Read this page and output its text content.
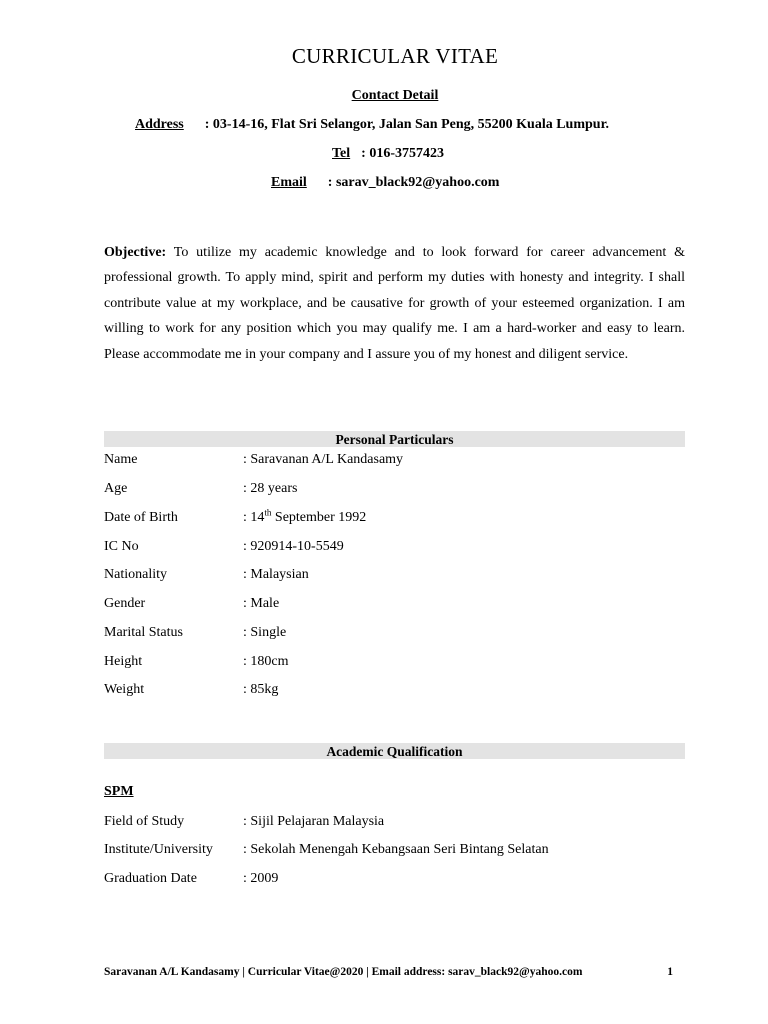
CURRICULAR VITAE
Contact Detail
Address : 03-14-16, Flat Sri Selangor, Jalan San Peng, 55200 Kuala Lumpur.
Tel : 016-3757423
Email : sarav_black92@yahoo.com
Objective: To utilize my academic knowledge and to look forward for career advancement & professional growth. To apply mind, spirit and perform my duties with honesty and integrity. I shall contribute value at my workplace, and be causative for growth of your esteemed organization. I am willing to work for any position which you may qualify me. I am a hard-worker and easy to learn. Please accommodate me in your company and I assure you of my honest and diligent service.
Personal Particulars
Name	: Saravanan A/L Kandasamy
Age	: 28 years
Date of Birth	: 14th September 1992
IC No	: 920914-10-5549
Nationality	: Malaysian
Gender	: Male
Marital Status	: Single
Height	: 180cm
Weight	: 85kg
Academic Qualification
SPM
Field of Study	: Sijil Pelajaran Malaysia
Institute/University : Sekolah Menengah Kebangsaan Seri Bintang Selatan
Graduation Date	: 2009
Saravanan A/L Kandasamy | Curricular Vitae@2020 | Email address: sarav_black92@yahoo.com	1
